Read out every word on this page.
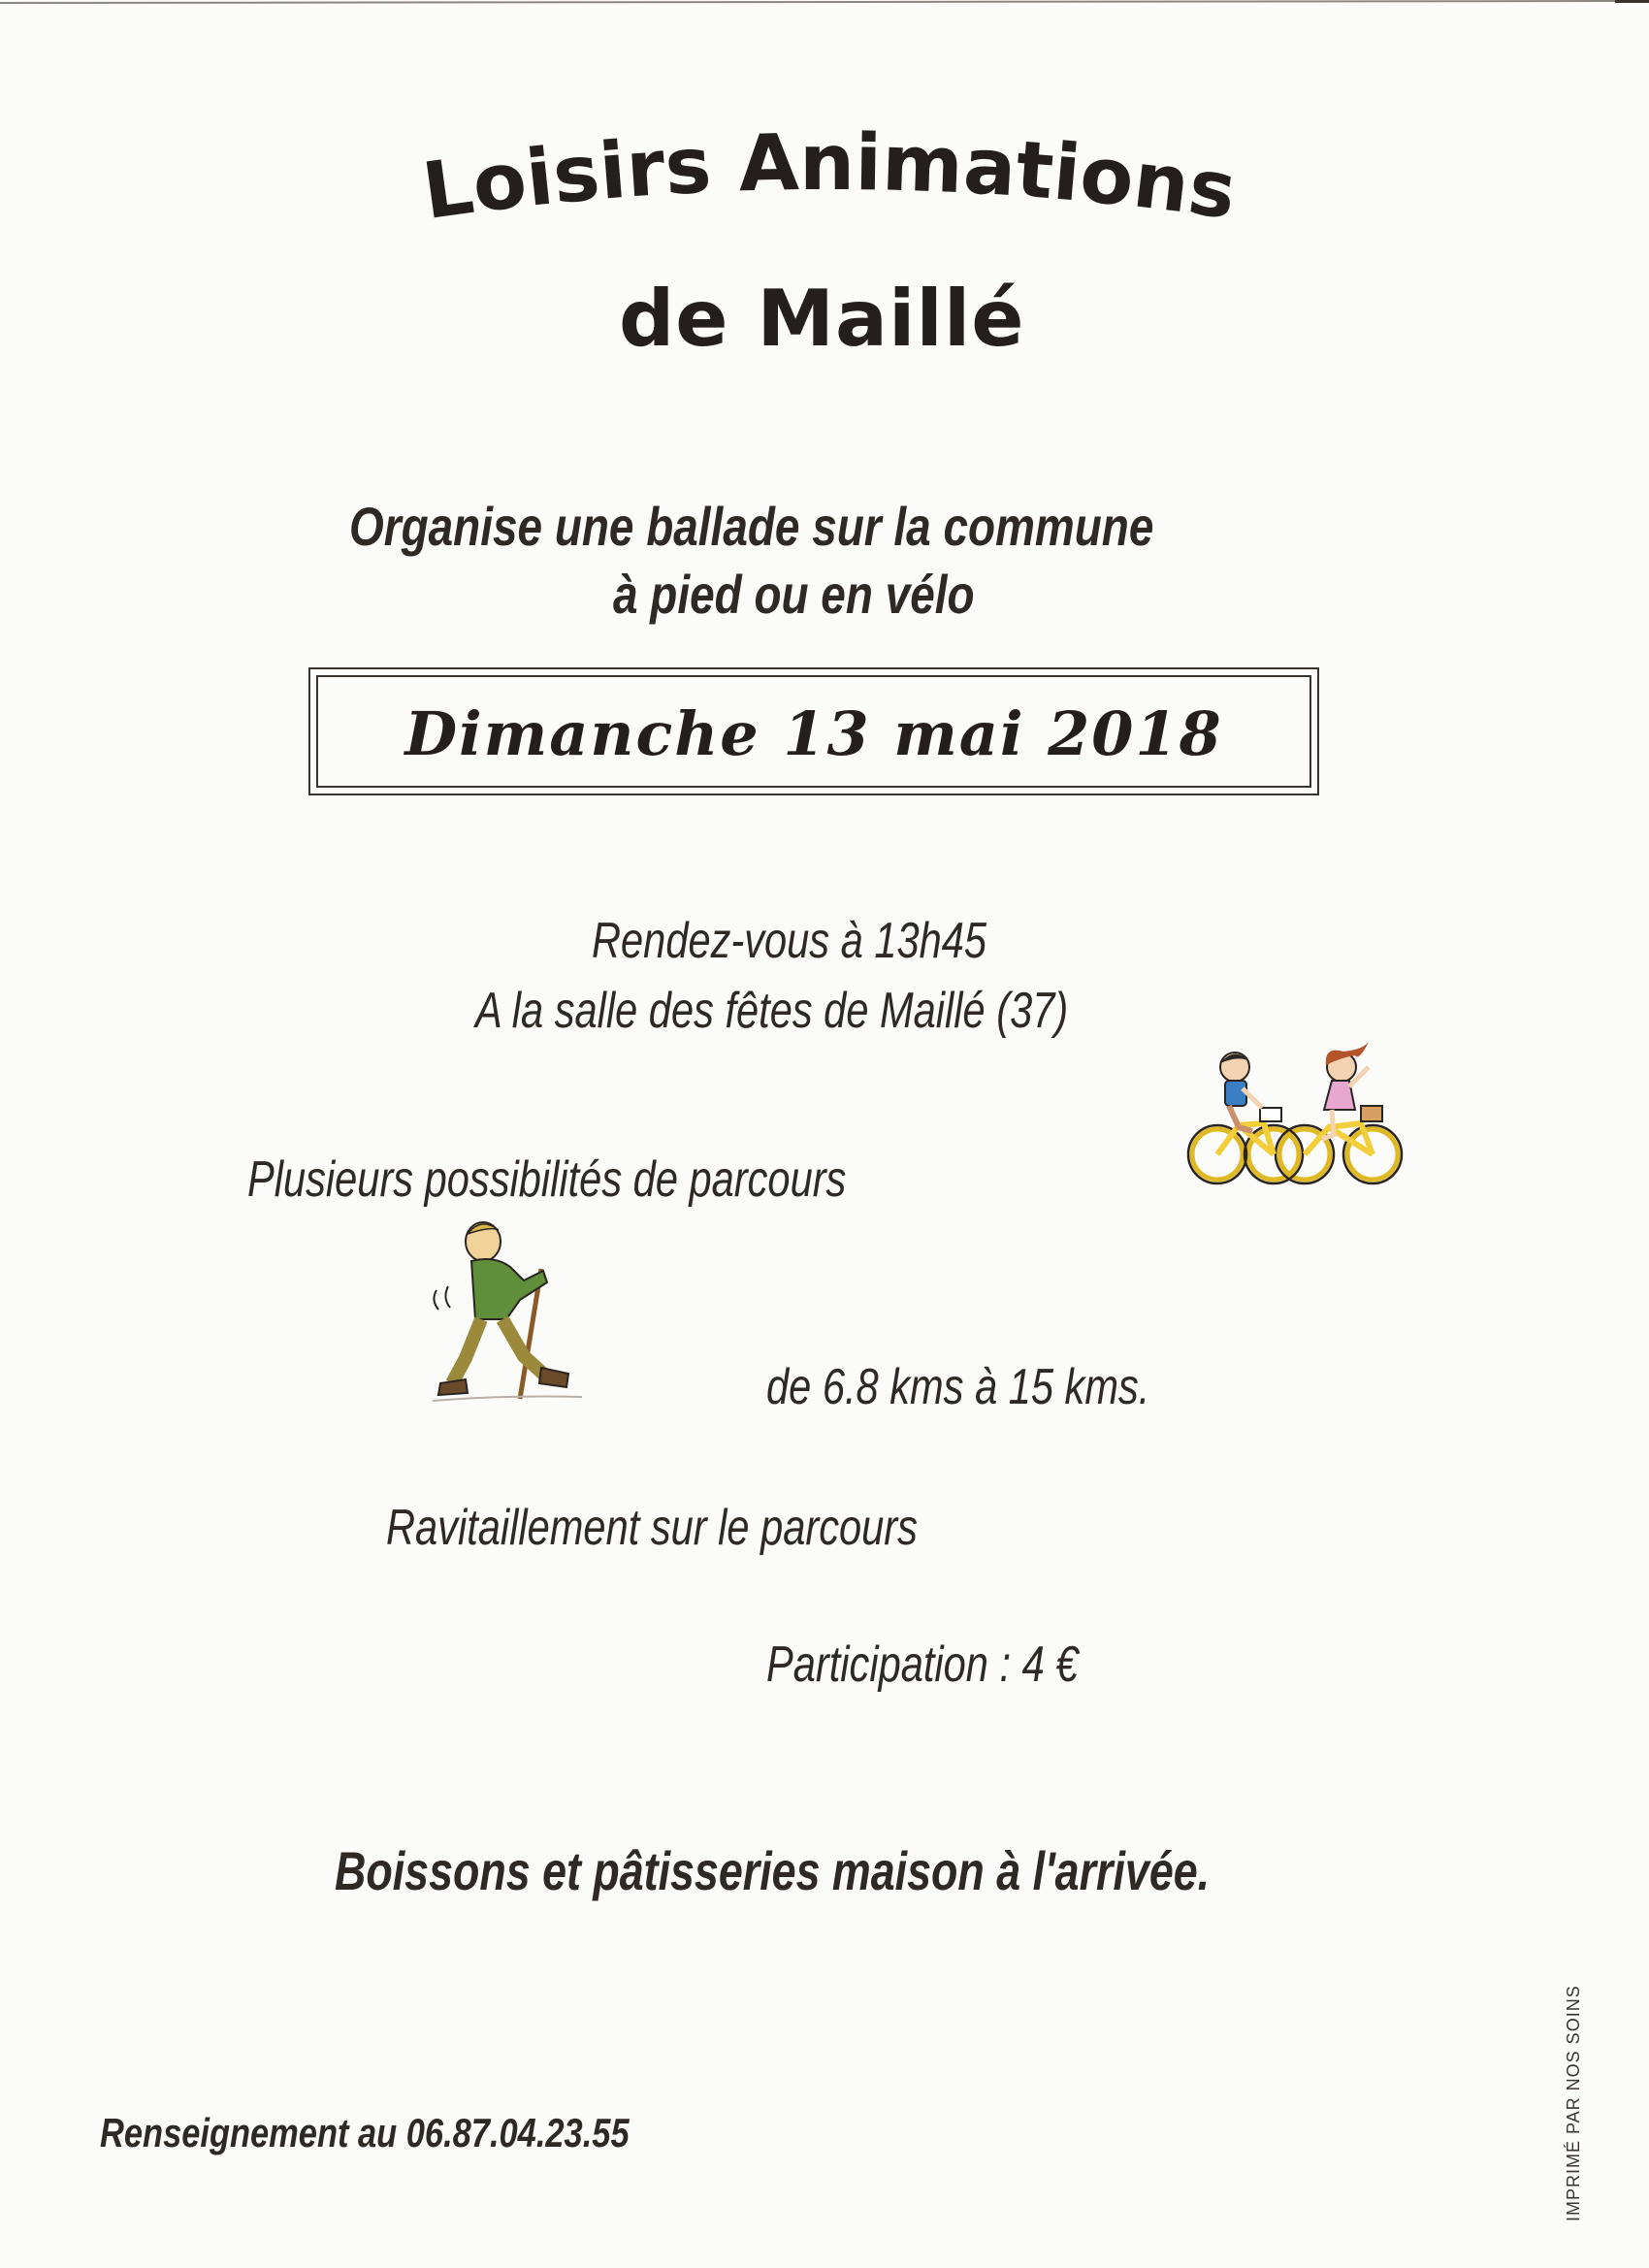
Loisirs Animations
de Maillé
Organise une ballade sur la commune
à pied ou en vélo
Dimanche 13 mai 2018
Rendez-vous à 13h45
A la salle des fêtes de Maillé (37)
Plusieurs possibilités de parcours
de 6.8 kms à 15 kms.
Ravitaillement sur le parcours
Participation : 4 €
Boissons et pâtisseries maison à l'arrivée.
Renseignement au 06.87.04.23.55	IMPRIMÉ PAR NOS SOINS
